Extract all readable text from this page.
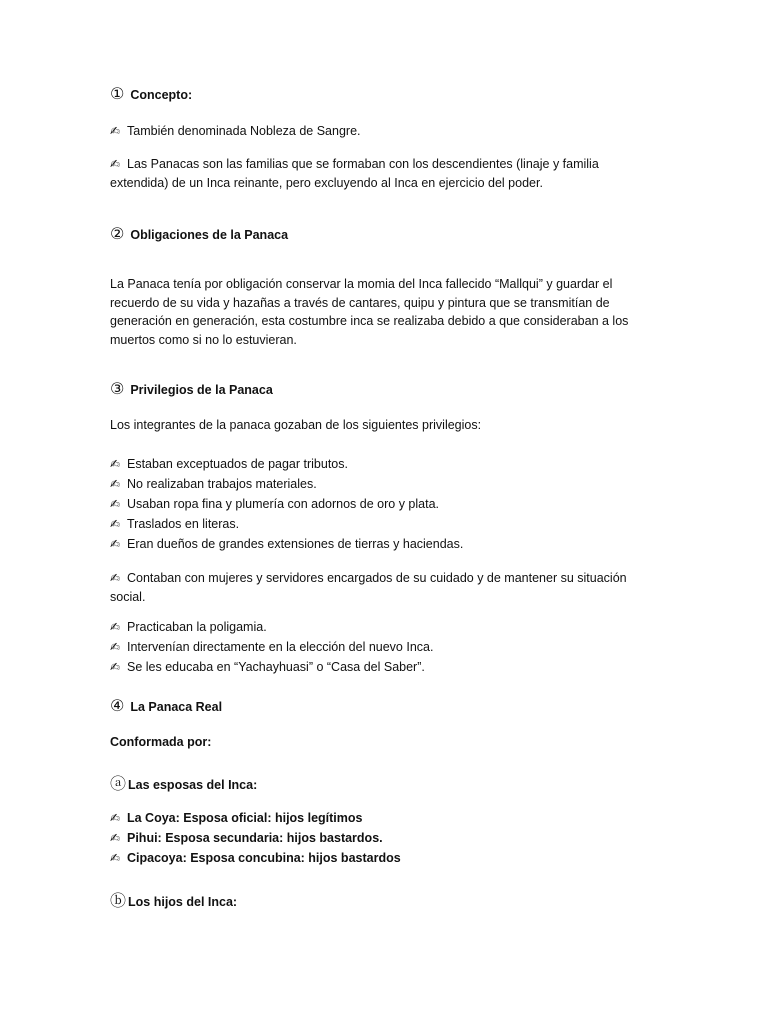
① Concepto:
✍ También denominada Nobleza de Sangre.
✍ Las Panacas son las familias que se formaban con los descendientes (linaje y familia extendida) de un Inca reinante, pero excluyendo al Inca en ejercicio del poder.
② Obligaciones de la Panaca
La Panaca tenía por obligación conservar la momia del Inca fallecido “Mallqui” y guardar el recuerdo de su vida y hazañas a través de cantares, quipu y pintura que se transmitían de generación en generación, esta costumbre inca se realizaba debido a que consideraban a los muertos como si no lo estuvieran.
③ Privilegios de la Panaca
Los integrantes de la panaca gozaban de los siguientes privilegios:
✍ Estaban exceptuados de pagar tributos.
✍ No realizaban trabajos materiales.
✍ Usaban ropa fina y plumería con adornos de oro y plata.
✍ Traslados en literas.
✍ Eran dueños de grandes extensiones de tierras y haciendas.
✍ Contaban con mujeres y servidores encargados de su cuidado y de mantener su situación social.
✍ Practicaban la poligamia.
✍ Intervenían directamente en la elección del nuevo Inca.
✍ Se les educaba en “Yachayhuasi” o “Casa del Saber”.
④ La Panaca Real
Conformada por:
ⓐ Las esposas del Inca:
✍ La Coya: Esposa oficial: hijos legítimos
✍ Pihui: Esposa secundaria: hijos bastardos.
✍ Cipacoya: Esposa concubina: hijos bastardos
ⓑ Los hijos del Inca:
